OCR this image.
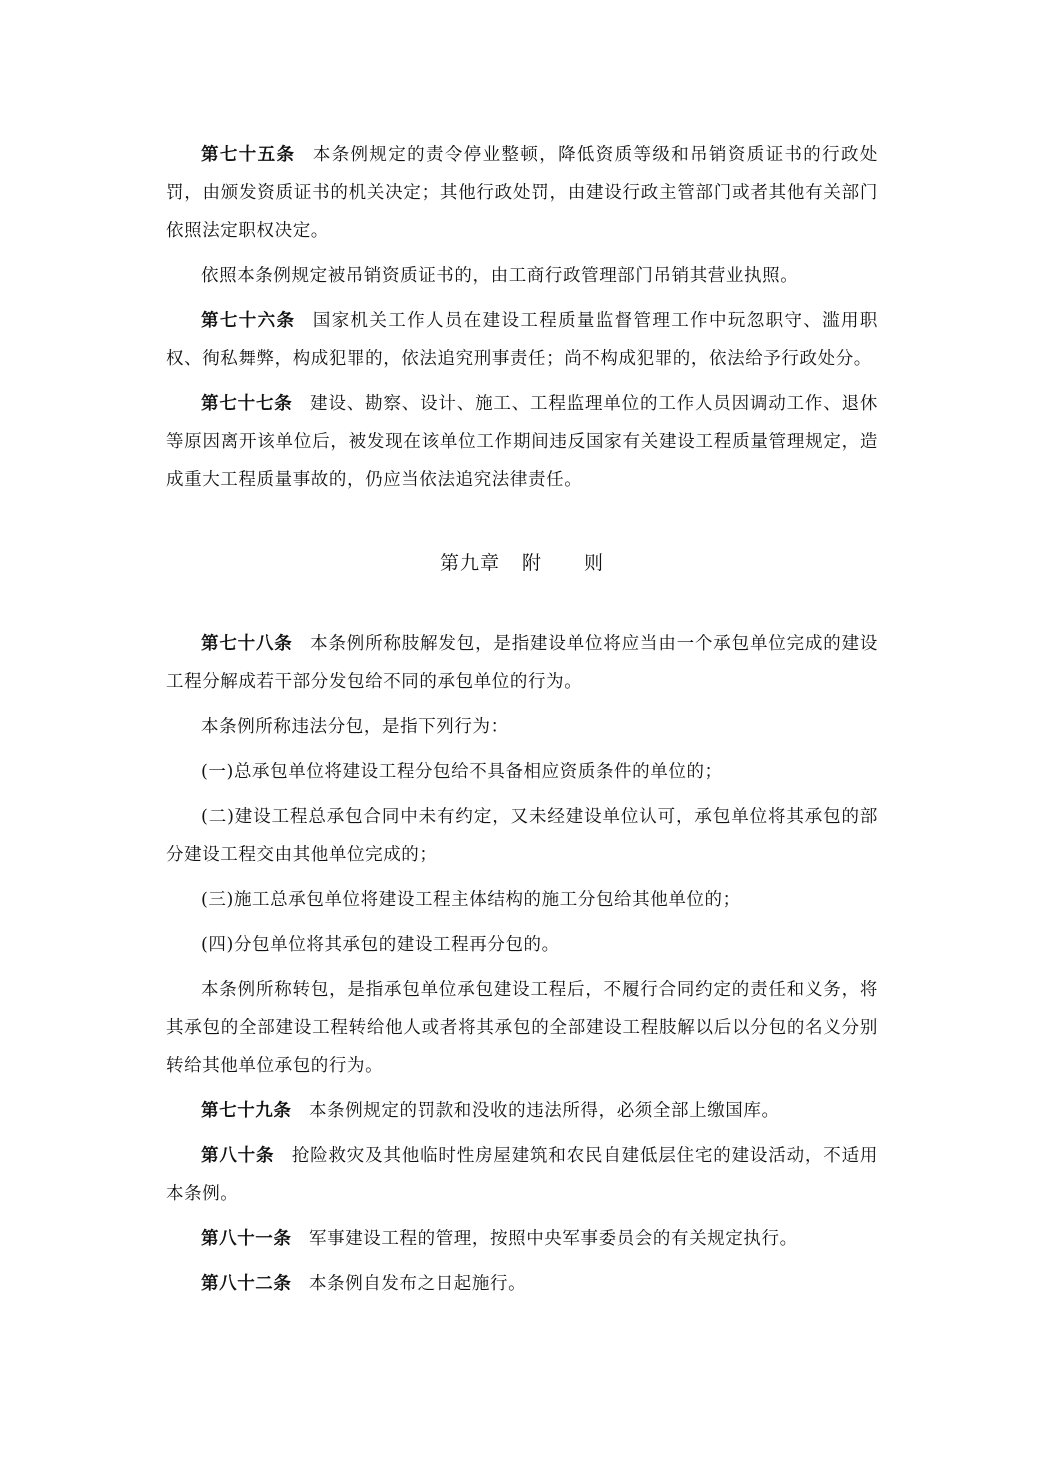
第七十五条 本条例规定的责令停业整顿，降低资质等级和吊销资质证书的行政处罚，由颁发资质证书的机关决定；其他行政处罚，由建设行政主管部门或者其他有关部门依照法定职权决定。

依照本条例规定被吊销资质证书的，由工商行政管理部门吊销其营业执照。

第七十六条 国家机关工作人员在建设工程质量监督管理工作中玩忽职守、滥用职权、徇私舞弊，构成犯罪的，依法追究刑事责任；尚不构成犯罪的，依法给予行政处分。

第七十七条 建设、勘察、设计、施工、工程监理单位的工作人员因调动工作、退休等原因离开该单位后，被发现在该单位工作期间违反国家有关建设工程质量管理规定，造成重大工程质量事故的，仍应当依法追究法律责任。

第九章 附 则

第七十八条 本条例所称肢解发包，是指建设单位将应当由一个承包单位完成的建设工程分解成若干部分发包给不同的承包单位的行为。

本条例所称违法分包，是指下列行为：

(一)总承包单位将建设工程分包给不具备相应资质条件的单位的；

(二)建设工程总承包合同中未有约定，又未经建设单位认可，承包单位将其承包的部分建设工程交由其他单位完成的；

(三)施工总承包单位将建设工程主体结构的施工分包给其他单位的；

(四)分包单位将其承包的建设工程再分包的。

本条例所称转包，是指承包单位承包建设工程后，不履行合同约定的责任和义务，将其承包的全部建设工程转给他人或者将其承包的全部建设工程肢解以后以分包的名义分别转给其他单位承包的行为。

第七十九条 本条例规定的罚款和没收的违法所得，必须全部上缴国库。

第八十条 抢险救灾及其他临时性房屋建筑和农民自建低层住宅的建设活动，不适用本条例。

第八十一条 军事建设工程的管理，按照中央军事委员会的有关规定执行。

第八十二条 本条例自发布之日起施行。
